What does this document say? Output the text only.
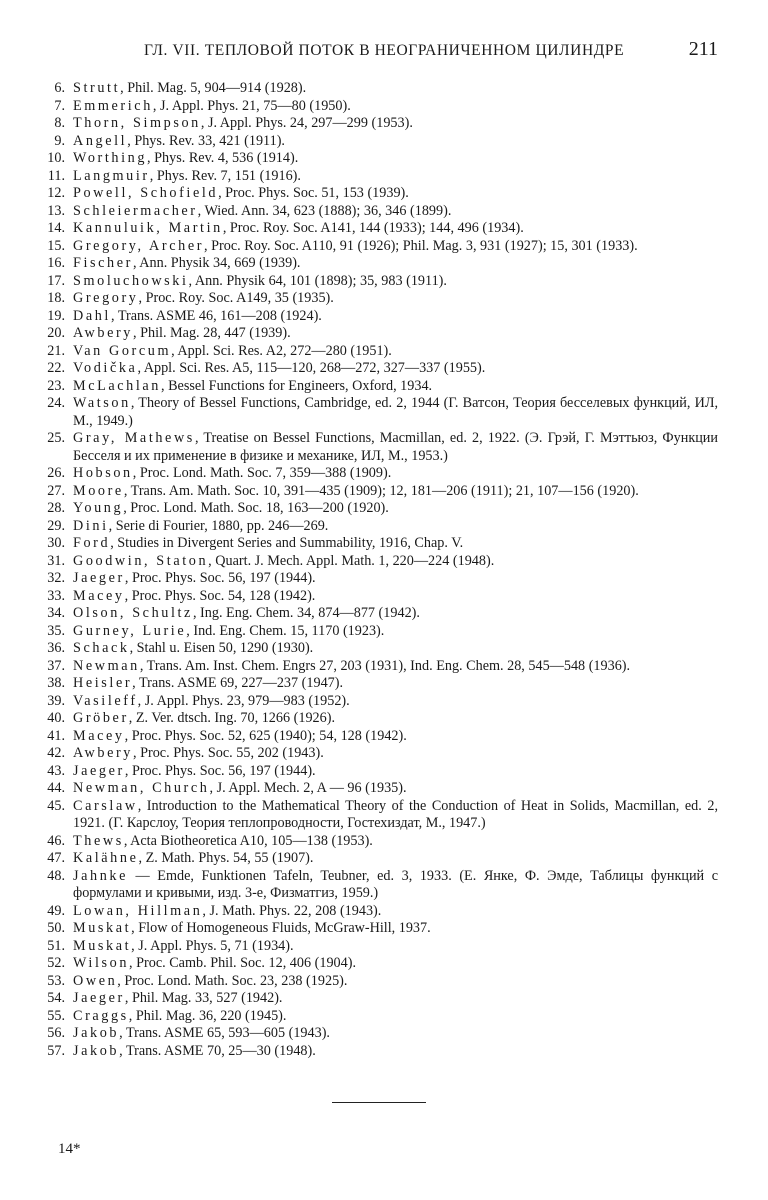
ГЛ. VII. ТЕПЛОВОЙ ПОТОК В НЕОГРАНИЧЕННОМ ЦИЛИНДРЕ	211
6. Strutt, Phil. Mag. 5, 904—914 (1928).
7. Emmerich, J. Appl. Phys. 21, 75—80 (1950).
8. Thorn, Simpson, J. Appl. Phys. 24, 297—299 (1953).
9. Angell, Phys. Rev. 33, 421 (1911).
10. Worthing, Phys. Rev. 4, 536 (1914).
11. Langmuir, Phys. Rev. 7, 151 (1916).
12. Powell, Schofield, Proc. Phys. Soc. 51, 153 (1939).
13. Schleiermacher, Wied. Ann. 34, 623 (1888); 36, 346 (1899).
14. Kannuluik, Martin, Proc. Roy. Soc. A141, 144 (1933); 144, 496 (1934).
15. Gregory, Archer, Proc. Roy. Soc. A110, 91 (1926); Phil. Mag. 3, 931 (1927); 15, 301 (1933).
16. Fischer, Ann. Physik 34, 669 (1939).
17. Smoluchowski, Ann. Physik 64, 101 (1898); 35, 983 (1911).
18. Gregory, Proc. Roy. Soc. A149, 35 (1935).
19. Dahl, Trans. ASME 46, 161—208 (1924).
20. Awbery, Phil. Mag. 28, 447 (1939).
21. Van Gorcum, Appl. Sci. Res. A2, 272—280 (1951).
22. Vodička, Appl. Sci. Res. A5, 115—120, 268—272, 327—337 (1955).
23. McLachlan, Bessel Functions for Engineers, Oxford, 1934.
24. Watson, Theory of Bessel Functions, Cambridge, ed. 2, 1944 (Г. Ватсон, Теория бесселевых функций, ИЛ, М., 1949.)
25. Gray, Mathews, Treatise on Bessel Functions, Macmillan, ed. 2, 1922. (Э. Грэй, Г. Мэттьюз, Функции Бесселя и их применение в физике и механике, ИЛ, М., 1953.)
26. Hobson, Proc. Lond. Math. Soc. 7, 359—388 (1909).
27. Moore, Trans. Am. Math. Soc. 10, 391—435 (1909); 12, 181—206 (1911); 21, 107—156 (1920).
28. Young, Proc. Lond. Math. Soc. 18, 163—200 (1920).
29. Dini, Serie di Fourier, 1880, pp. 246—269.
30. Ford, Studies in Divergent Series and Summability, 1916, Chap. V.
31. Goodwin, Staton, Quart. J. Mech. Appl. Math. 1, 220—224 (1948).
32. Jaeger, Proc. Phys. Soc. 56, 197 (1944).
33. Macey, Proc. Phys. Soc. 54, 128 (1942).
34. Olson, Schultz, Ing. Eng. Chem. 34, 874—877 (1942).
35. Gurney, Lurie, Ind. Eng. Chem. 15, 1170 (1923).
36. Schack, Stahl u. Eisen 50, 1290 (1930).
37. Newman, Trans. Am. Inst. Chem. Engrs 27, 203 (1931), Ind. Eng. Chem. 28, 545—548 (1936).
38. Heisler, Trans. ASME 69, 227—237 (1947).
39. Vasileff, J. Appl. Phys. 23, 979—983 (1952).
40. Gröber, Z. Ver. dtsch. Ing. 70, 1266 (1926).
41. Macey, Proc. Phys. Soc. 52, 625 (1940); 54, 128 (1942).
42. Awbery, Proc. Phys. Soc. 55, 202 (1943).
43. Jaeger, Proc. Phys. Soc. 56, 197 (1944).
44. Newman, Church, J. Appl. Mech. 2, A — 96 (1935).
45. Carslaw, Introduction to the Mathematical Theory of the Conduction of Heat in Solids, Macmillan, ed. 2, 1921. (Г. Карслоу, Теория теплопроводности, Гостехиздат, М., 1947.)
46. Thews, Acta Biotheoretica A10, 105—138 (1953).
47. Kalähne, Z. Math. Phys. 54, 55 (1907).
48. Jahnke — Emde, Funktionen Tafeln, Teubner, ed. 3, 1933. (Е. Янке, Ф. Эмде, Таблицы функций с формулами и кривыми, изд. 3-е, Физматгиз, 1959.)
49. Lowan, Hillman, J. Math. Phys. 22, 208 (1943).
50. Muskat, Flow of Homogeneous Fluids, McGraw-Hill, 1937.
51. Muskat, J. Appl. Phys. 5, 71 (1934).
52. Wilson, Proc. Camb. Phil. Soc. 12, 406 (1904).
53. Owen, Proc. Lond. Math. Soc. 23, 238 (1925).
54. Jaeger, Phil. Mag. 33, 527 (1942).
55. Craggs, Phil. Mag. 36, 220 (1945).
56. Jakob, Trans. ASME 65, 593—605 (1943).
57. Jakob, Trans. ASME 70, 25—30 (1948).
14*
